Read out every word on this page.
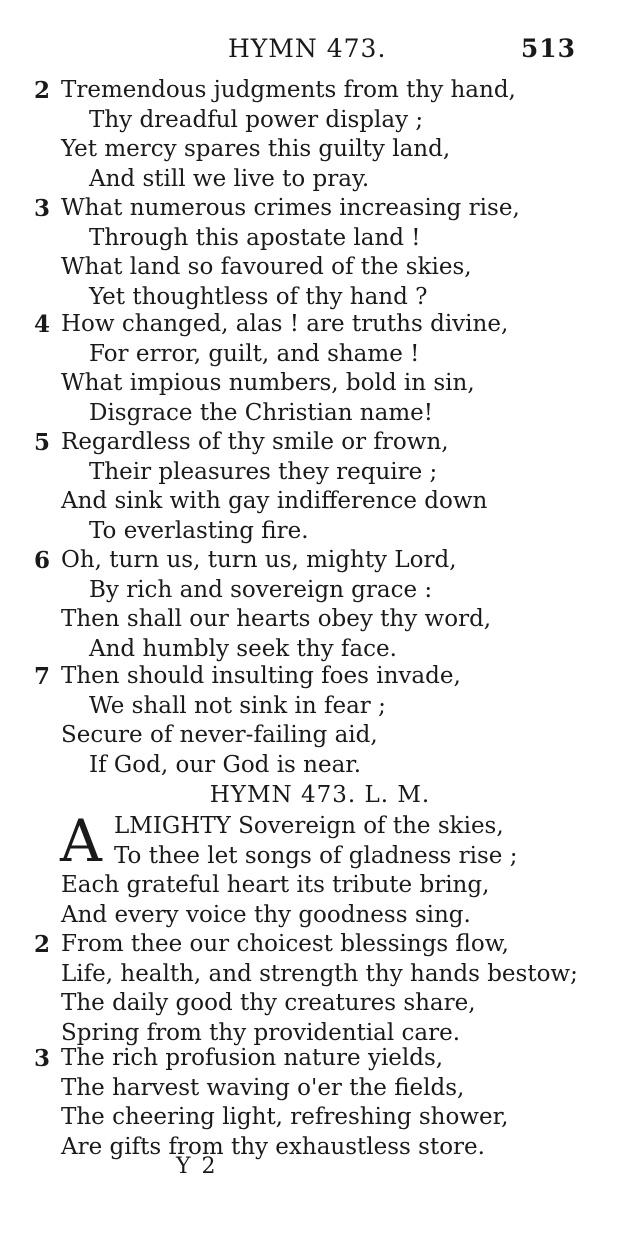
HYMN 473.	513
2 Tremendous judgments from thy hand,
Thy dreadful power display ;
Yet mercy spares this guilty land,
And still we live to pray.
3 What numerous crimes increasing rise,
Through this apostate land !
What land so favoured of the skies,
Yet thoughtless of thy hand ?
4 How changed, alas ! are truths divine,
For error, guilt, and shame !
What impious numbers, bold in sin,
Disgrace the Christian name!
5 Regardless of thy smile or frown,
Their pleasures they require ;
And sink with gay indifference down
To everlasting fire.
6 Oh, turn us, turn us, mighty Lord,
By rich and sovereign grace :
Then shall our hearts obey thy word,
And humbly seek thy face.
7 Then should insulting foes invade,
We shall not sink in fear ;
Secure of never-failing aid,
If God, our God is near.
HYMN 473. L. M.
A LMIGHTY Sovereign of the skies,
To thee let songs of gladness rise ;
Each grateful heart its tribute bring,
And every voice thy goodness sing.
2 From thee our choicest blessings flow,
Life, health, and strength thy hands bestow;
The daily good thy creatures share,
Spring from thy providential care.
3 The rich profusion nature yields,
The harvest waving o'er the fields,
The cheering light, refreshing shower,
Are gifts from thy exhaustless store.
Y 2
